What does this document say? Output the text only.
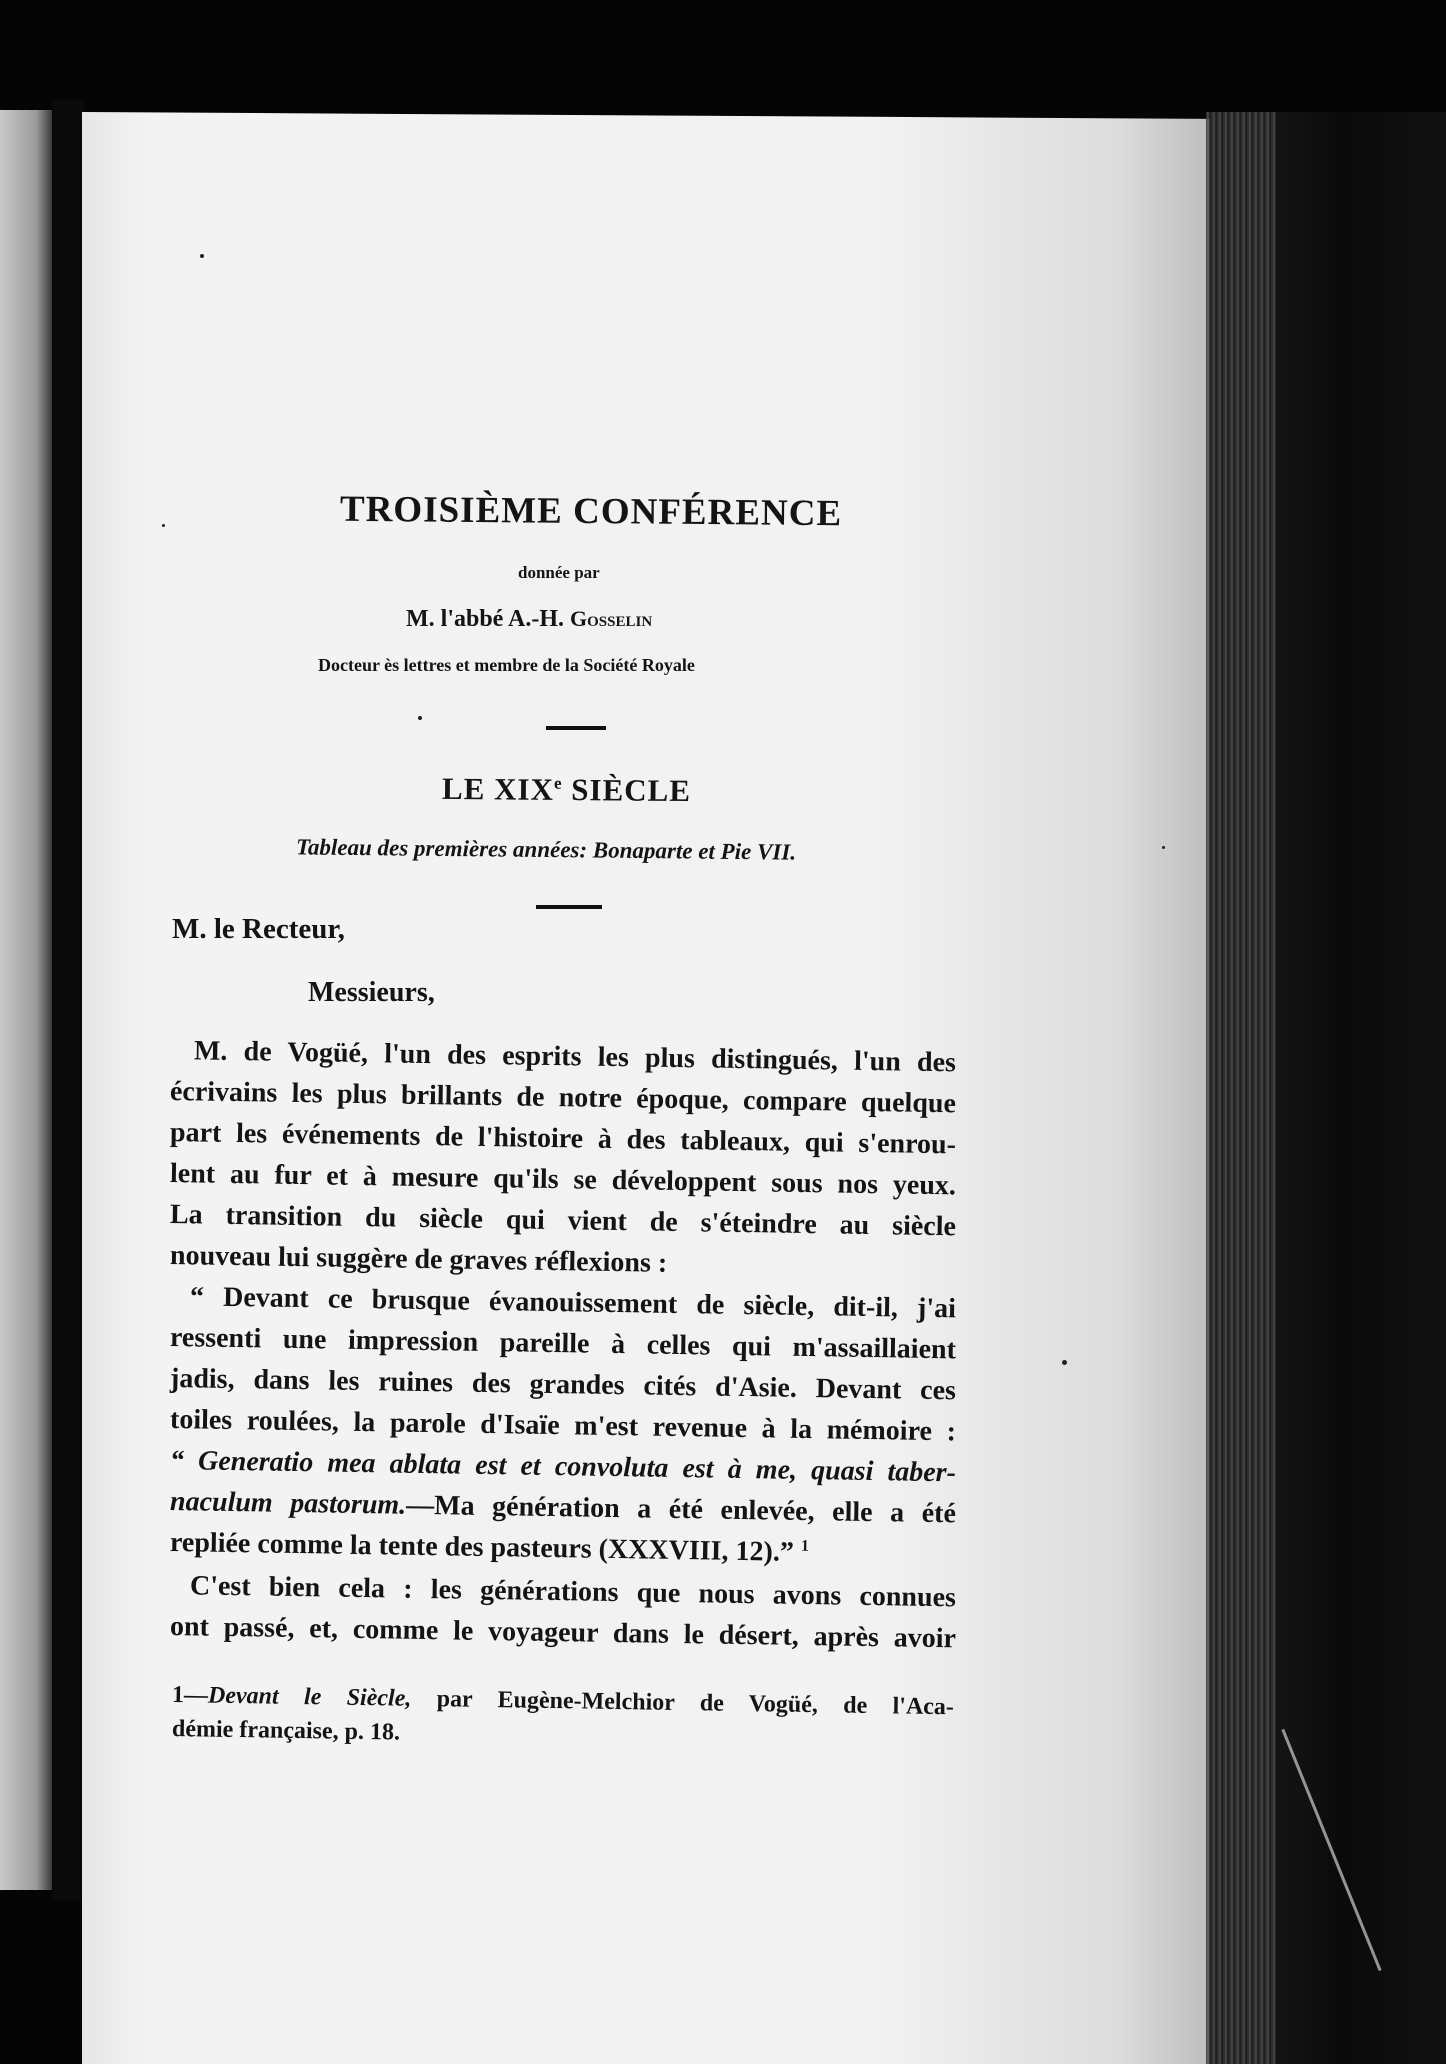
TROISIÈME CONFÉRENCE
donnée par
M. l'abbé A.-H. Gosselin
Docteur ès lettres et membre de la Société Royale
LE XIXe SIÈCLE
Tableau des premières années: Bonaparte et Pie VII.
M. le Recteur,
Messieurs,
M. de Vogüé, l'un des esprits les plus distingués, l'un des
écrivains les plus brillants de notre époque, compare quelque
part les événements de l'histoire à des tableaux, qui s'enrou-
lent au fur et à mesure qu'ils se développent sous nos yeux.
La transition du siècle qui vient de s'éteindre au siècle
nouveau lui suggère de graves réflexions :
“ Devant ce brusque évanouissement de siècle, dit-il, j'ai
ressenti une impression pareille à celles qui m'assaillaient
jadis, dans les ruines des grandes cités d'Asie. Devant ces
toiles roulées, la parole d'Isaïe m'est revenue à la mémoire :
“ Generatio mea ablata est et convoluta est à me, quasi taber-
naculum pastorum.—Ma génération a été enlevée, elle a été
repliée comme la tente des pasteurs (XXXVIII, 12).” $^1$
C'est bien cela : les générations que nous avons connues
ont passé, et, comme le voyageur dans le désert, après avoir
1—Devant le Siècle, par Eugène-Melchior de Vogüé, de l'Aca-
démie française, p. 18.
